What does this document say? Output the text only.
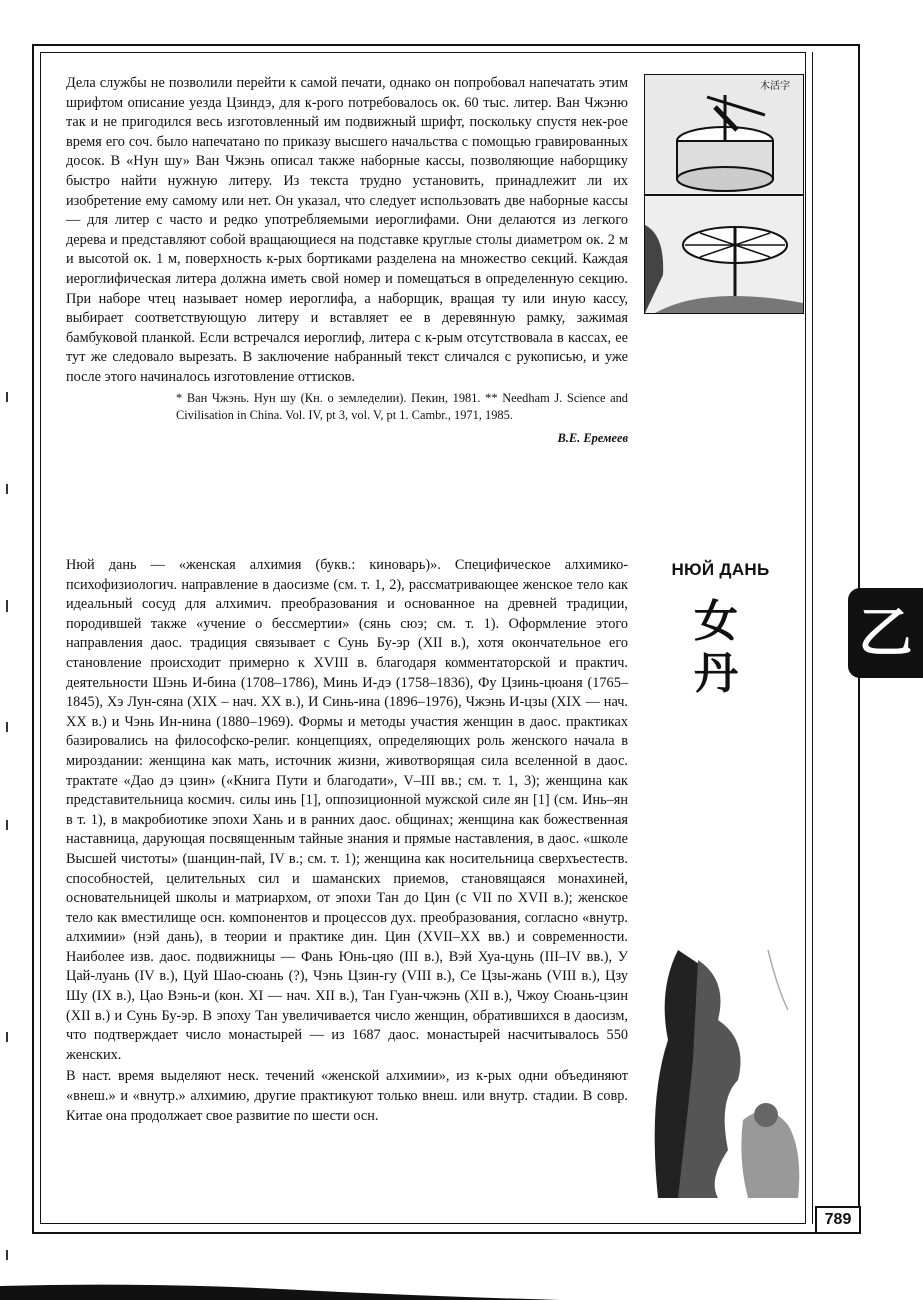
Дела службы не позволили перейти к самой печати, однако он попробовал напечатать этим шрифтом описание уезда Цзиндэ, для к-рого потребовалось ок. 60 тыс. литер. Ван Чжэню так и не пригодился весь изготовленный им подвижный шрифт, поскольку спустя нек-рое время его соч. было напечатано по приказу высшего начальства с помощью гравированных досок. В «Нун шу» Ван Чжэнь описал также наборные кассы, позволяющие наборщику быстро найти нужную литеру. Из текста трудно установить, принадлежит ли их изобретение ему самому или нет. Он указал, что следует использовать две наборные кассы — для литер с часто и редко употребляемыми иероглифами. Они делаются из легкого дерева и представляют собой вращающиеся на подставке круглые столы диаметром ок. 2 м и высотой ок. 1 м, поверхность к-рых бортиками разделена на множество секций. Каждая иероглифическая литера должна иметь свой номер и помещаться в определенную секцию. При наборе чтец называет номер иероглифа, а наборщик, вращая ту или иную кассу, выбирает соответствующую литеру и вставляет ее в деревянную рамку, зажимая бамбуковой планкой. Если встречался иероглиф, литера с к-рым отсутствовала в кассах, ее тут же следовало вырезать. В заключение набранный текст сличался с рукописью, и уже после этого начиналось изготовление оттисков.

* Ван Чжэнь. Нун шу (Кн. о земледелии). Пекин, 1981. ** Needham J. Science and Civilisation in China. Vol. IV, pt 3, vol. V, pt 1. Cambr., 1971, 1985.
В.Е. Еремеев
木活字

Нюй дань — «женская алхимия (букв.: киноварь)». Специфическое алхимико-психофизиологич. направление в даосизме (см. т. 1, 2), рассматривающее женское тело как идеальный сосуд для алхимич. преобразования и основанное на древней традиции, породившей также «учение о бессмертии» (сянь сюэ; см. т. 1). Оформление этого направления даос. традиция связывает с Сунь Бу-эр (XII в.), хотя окончательное его становление происходит примерно к XVIII в. благодаря комментаторской и практич. деятельности Шэнь И-бина (1708–1786), Минь И-дэ (1758–1836), Фу Цзинь-цюаня (1765–1845), Хэ Лун-сяна (XIX – нач. XX в.), И Синь-ина (1896–1976), Чжэнь И-цзы (XIX — нач. XX в.) и Чэнь Ин-нина (1880–1969). Формы и методы участия женщин в даос. практиках базировались на философско-религ. концепциях, определяющих роль женского начала в мироздании: женщина как мать, источник жизни, животворящая сила вселенной в даос. трактате «Дао дэ цзин» («Книга Пути и благодати», V–III вв.; см. т. 1, 3); женщина как представительница космич. силы инь [1], оппозиционной мужской силе ян [1] (см. Инь–ян в т. 1), в макробиотике эпохи Хань и в ранних даос. общинах; женщина как божественная наставница, дарующая посвященным тайные знания и прямые наставления, в даос. «школе Высшей чистоты» (шанцин-пай, IV в.; см. т. 1); женщина как носительница сверхъестеств. способностей, целительных сил и шаманских приемов, становящаяся монахиней, основательницей школы и матриархом, от эпохи Тан до Цин (с VII по XVII в.); женское тело как вместилище осн. компонентов и процессов дух. преобразования, согласно «внутр. алхимии» (нэй дань), в теории и практике дин. Цин (XVII–XX вв.) и современности. Наиболее изв. даос. подвижницы — Фань Юнь-цяо (III в.), Вэй Хуа-цунь (III–IV вв.), У Цай-луань (IV в.), Цуй Шао-сюань (?), Чэнь Цзин-гу (VIII в.), Се Цзы-жань (VIII в.), Цзу Шу (IX в.), Цао Вэнь-и (кон. XI — нач. XII в.), Тан Гуан-чжэнь (XII в.), Чжоу Сюань-цзин (XII в.) и Сунь Бу-эр. В эпоху Тан увеличивается число женщин, обратившихся в даосизм, что подтверждает число монастырей — из 1687 даос. монастырей насчитывалось 550 женских.

В наст. время выделяют неск. течений «женской алхимии», из к-рых одни объединяют «внеш.» и «внутр.» алхимию, другие практикуют только внеш. или внутр. стадии. В совр. Китае она продолжает свое развитие по шести осн.

НЮЙ ДАНЬ
女
丹
乙
789
